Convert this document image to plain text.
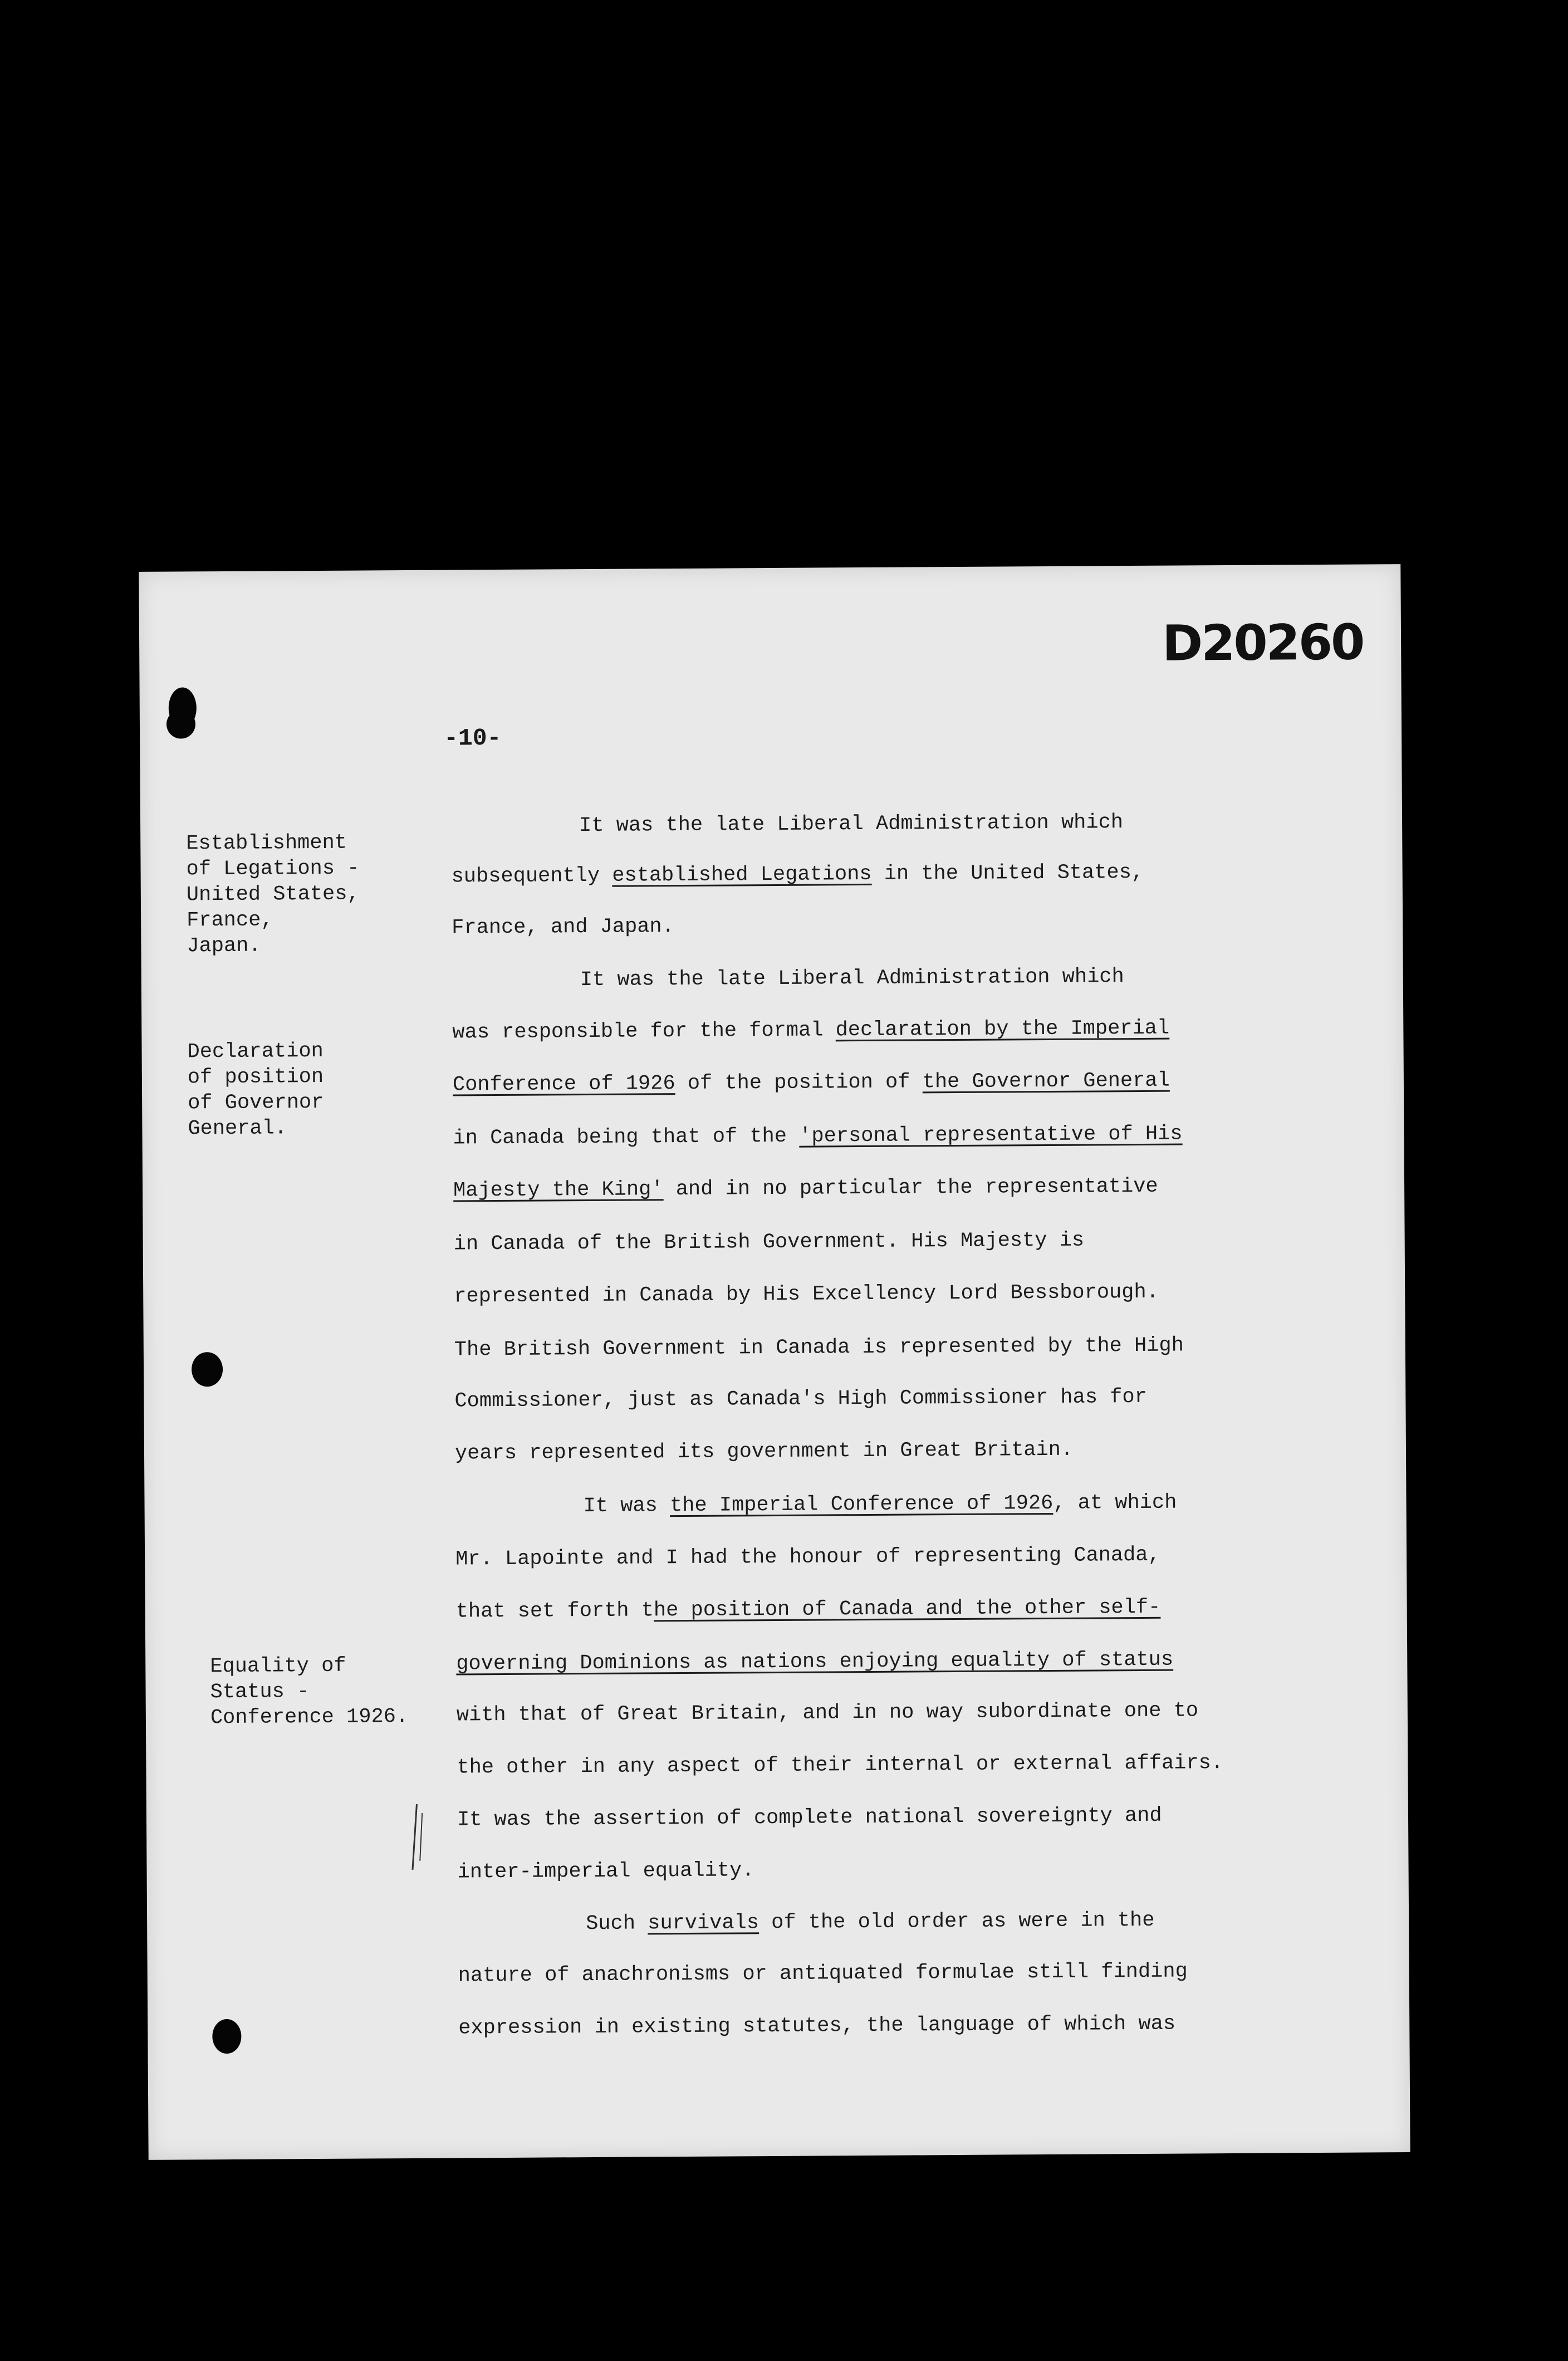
D20260
-10-
Establishment
of Legations -
United States,
France,
Japan.
Declaration
of position
of Governor
General.
Equality of
Status -
Conference 1926.
It was the late Liberal Administration which
subsequently established Legations in the United States,
France, and Japan.
It was the late Liberal Administration which
was responsible for the formal declaration by the Imperial
Conference of 1926 of the position of the Governor General
in Canada being that of the 'personal representative of His
Majesty the King' and in no particular the representative
in Canada of the British Government. His Majesty is
represented in Canada by His Excellency Lord Bessborough.
The British Government in Canada is represented by the High
Commissioner, just as Canada's High Commissioner has for
years represented its government in Great Britain.
It was the Imperial Conference of 1926, at which
Mr. Lapointe and I had the honour of representing Canada,
that set forth the position of Canada and the other self-
governing Dominions as nations enjoying equality of status
with that of Great Britain, and in no way subordinate one to
the other in any aspect of their internal or external affairs.
It was the assertion of complete national sovereignty and
inter-imperial equality.
Such survivals of the old order as were in the
nature of anachronisms or antiquated formulae still finding
expression in existing statutes, the language of which was
